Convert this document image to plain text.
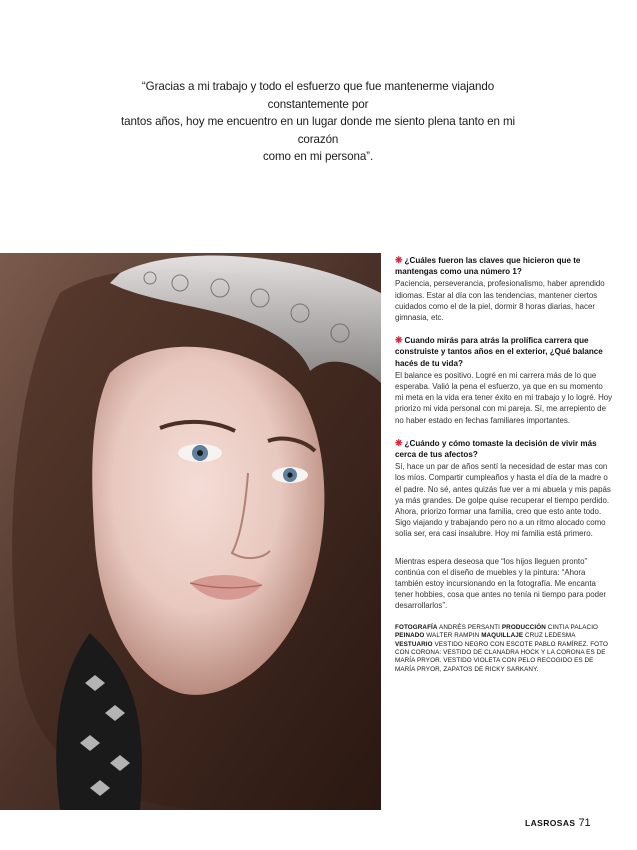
“Gracias a mi trabajo y todo el esfuerzo que fue mantenerme viajando constantemente por
tantos años, hoy me encuentro en un lugar donde me siento plena tanto en mi corazón
como en mi persona”.
❋ ¿Cuáles fueron las claves que hicieron que te mantengas como una número 1?
Paciencia, perseverancia, profesionalismo, haber aprendido idiomas. Estar al día con las tendencias, mantener ciertos cuidados como el de la piel, dormir 8 horas diarias, hacer gimnasia, etc.
❋ Cuando mirás para atrás la prolífica carrera que construiste y tantos años en el exterior, ¿Qué balance hacés de tu vida?
El balance es positivo. Logré en mi carrera más de lo que esperaba. Valió la pena el esfuerzo, ya que en su momento mi meta en la vida era tener éxito en mi trabajo y lo logré. Hoy priorizo mi vida personal con mi pareja. Sí, me arrepiento de no haber estado en fechas familiares importantes.
❋ ¿Cuándo y cómo tomaste la decisión de vivir más cerca de tus afectos?
Sí, hace un par de años sentí la necesidad de estar mas con los míos. Compartir cumpleaños y hasta el día de la madre o el padre. No sé, antes quizás fue ver a mi abuela y mis papás ya más grandes. De golpe quise recuperar el tiempo perdido. Ahora, priorizo formar una familia, creo que esto ante todo. Sigo viajando y trabajando pero no a un ritmo alocado como solía ser, era casi insalubre. Hoy mi familia está primero.
Mientras espera deseosa que “los hijos lleguen pronto” continúa con el diseño de muebles y la pintura: “Ahora también estoy incursionando en la fotografía. Me encanta tener hobbies, cosa que antes no tenía ni tiempo para poder desarrollarlos”.
FOTOGRAFÍA ANDRÉS PERSANTI PRODUCCIÓN CINTIA PALACIO
PEINADO WALTER RAMPIN MAQUILLAJE CRUZ LEDESMA
VESTUARIO VESTIDO NEGRO CON ESCOTE PABLO RAMÍREZ. FOTO CON CORONA: VESTIDO DE CLANADRA HOCK Y LA CORONA ES DE MARÍA PRYOR. VESTIDO VIOLETA CON PELO RECOGIDO ES DE MARÍA PRYOR, ZAPATOS DE RICKY SARKANY.
LASROSAS 71
